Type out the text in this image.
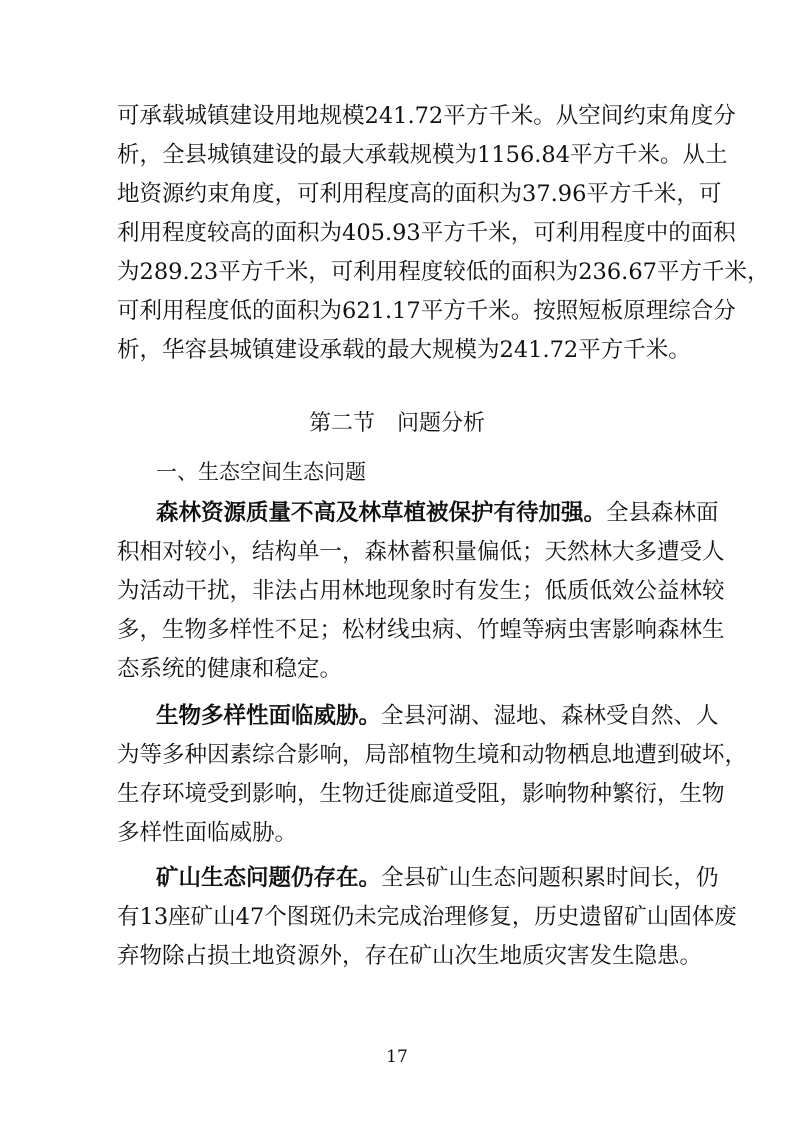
可承载城镇建设用地规模241.72平方千米。从空间约束角度分
析，全县城镇建设的最大承载规模为1156.84平方千米。从土
地资源约束角度，可利用程度高的面积为37.96平方千米，可
利用程度较高的面积为405.93平方千米，可利用程度中的面积
为289.23平方千米，可利用程度较低的面积为236.67平方千米，
可利用程度低的面积为621.17平方千米。按照短板原理综合分
析，华容县城镇建设承载的最大规模为241.72平方千米。
第二节　问题分析
一、生态空间生态问题
森林资源质量不高及林草植被保护有待加强。全县森林面
积相对较小，结构单一，森林蓄积量偏低；天然林大多遭受人
为活动干扰，非法占用林地现象时有发生；低质低效公益林较
多，生物多样性不足；松材线虫病、竹蝗等病虫害影响森林生
态系统的健康和稳定。
生物多样性面临威胁。全县河湖、湿地、森林受自然、人
为等多种因素综合影响，局部植物生境和动物栖息地遭到破坏，
生存环境受到影响，生物迁徙廊道受阻，影响物种繁衍，生物
多样性面临威胁。
矿山生态问题仍存在。全县矿山生态问题积累时间长，仍
有13座矿山47个图斑仍未完成治理修复，历史遗留矿山固体废
弃物除占损土地资源外，存在矿山次生地质灾害发生隐患。
17
